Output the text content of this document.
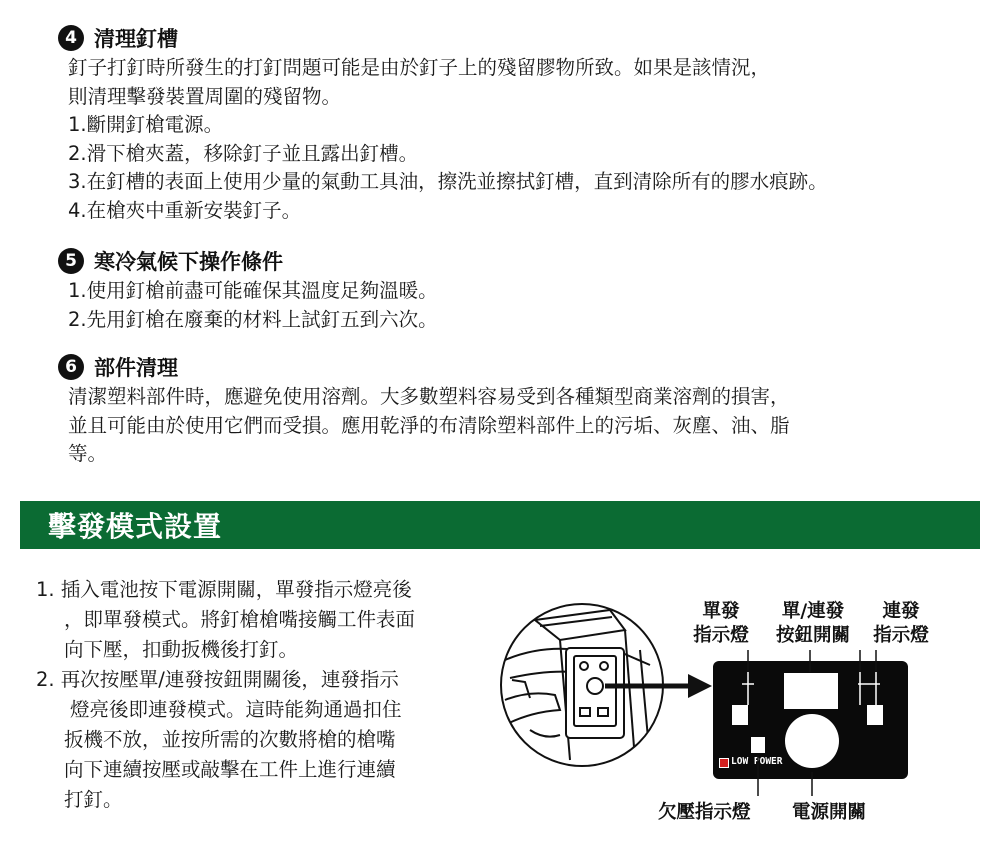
4 清理釘槽
釘子打釘時所發生的打釘問題可能是由於釘子上的殘留膠物所致。如果是該情況，
則清理擊發裝置周圍的殘留物。
1.斷開釘槍電源。
2.滑下槍夾蓋，移除釘子並且露出釘槽。
3.在釘槽的表面上使用少量的氣動工具油，擦洗並擦拭釘槽，直到清除所有的膠水痕跡。
4.在槍夾中重新安裝釘子。
5 寒冷氣候下操作條件
1.使用釘槍前盡可能確保其溫度足夠溫暖。
2.先用釘槍在廢棄的材料上試釘五到六次。
6 部件清理
清潔塑料部件時，應避免使用溶劑。大多數塑料容易受到各種類型商業溶劑的損害，
並且可能由於使用它們而受損。應用乾淨的布清除塑料部件上的污垢、灰塵、油、脂
等。
擊發模式設置
1. 插入電池按下電源開關，單發指示燈亮後
，即單發模式。將釘槍槍嘴接觸工件表面
向下壓，扣動扳機後打釘。
2. 再次按壓單/連發按鈕開關後，連發指示
燈亮後即連發模式。這時能夠通過扣住
扳機不放，並按所需的次數將槍的槍嘴
向下連續按壓或敲擊在工件上進行連續
打釘。
單發
指示燈
單/連發
按鈕開關
連發
指示燈
LOW POWER
欠壓指示燈 電源開關
